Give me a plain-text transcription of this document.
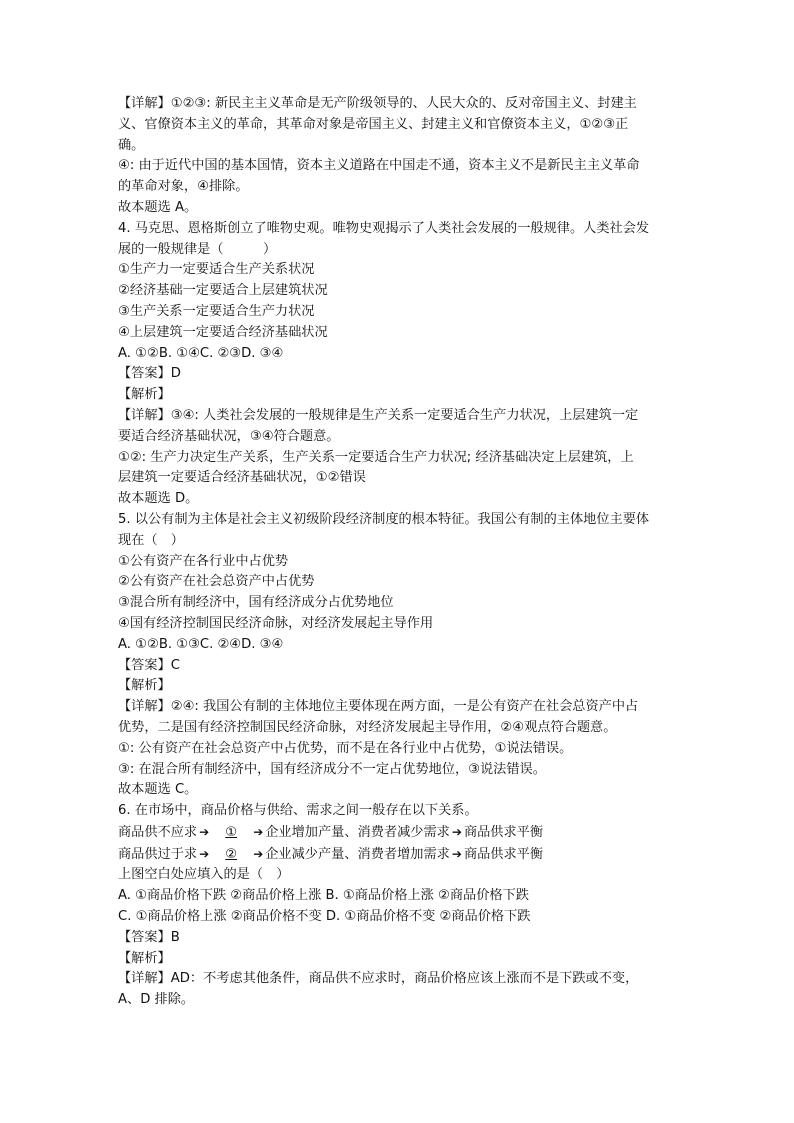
【详解】①②③: 新民主主义革命是无产阶级领导的、人民大众的、反对帝国主义、封建主

义、官僚资本主义的革命，其革命对象是帝国主义、封建主义和官僚资本主义，①②③正

确。

④: 由于近代中国的基本国情，资本主义道路在中国走不通，资本主义不是新民主主义革命

的革命对象，④排除。

故本题选 A。

4. 马克思、恩格斯创立了唯物史观。唯物史观揭示了人类社会发展的一般规律。人类社会发

展的一般规律是（　　　）

①生产力一定要适合生产关系状况

②经济基础一定要适合上层建筑状况

③生产关系一定要适合生产力状况

④上层建筑一定要适合经济基础状况

A. ①②B. ①④C. ②③D. ③④

【答案】D

【解析】

【详解】③④: 人类社会发展的一般规律是生产关系一定要适合生产力状况，上层建筑一定

要适合经济基础状况，③④符合题意。

①②: 生产力决定生产关系，生产关系一定要适合生产力状况; 经济基础决定上层建筑，上

层建筑一定要适合经济基础状况，①②错误

故本题选 D。

5. 以公有制为主体是社会主义初级阶段经济制度的根本特征。我国公有制的主体地位主要体

现在（　）

①公有资产在各行业中占优势

②公有资产在社会总资产中占优势

③混合所有制经济中，国有经济成分占优势地位

④国有经济控制国民经济命脉，对经济发展起主导作用

A. ①②B. ①③C. ②④D. ③④

【答案】C

【解析】

【详解】②④: 我国公有制的主体地位主要体现在两方面，一是公有资产在社会总资产中占

优势，二是国有经济控制国民经济命脉，对经济发展起主导作用，②④观点符合题意。

①: 公有资产在社会总资产中占优势，而不是在各行业中占优势，①说法错误。

③: 在混合所有制经济中，国有经济成分不一定占优势地位，③说法错误。

故本题选 C。

6. 在市场中，商品价格与供给、需求之间一般存在以下关系。

商品供不应求 ➔ ① ➔ 企业增加产量、消费者减少需求 ➔ 商品供求平衡

商品供过于求 ➔ ② ➔ 企业减少产量、消费者增加需求 ➔ 商品供求平衡

上图空白处应填入的是（　）

A. ①商品价格下跌 ②商品价格上涨 B. ①商品价格上涨 ②商品价格下跌

C. ①商品价格上涨 ②商品价格不变 D. ①商品价格不变 ②商品价格下跌

【答案】B

【解析】

【详解】AD：不考虑其他条件，商品供不应求时，商品价格应该上涨而不是下跌或不变，

A、D 排除。
